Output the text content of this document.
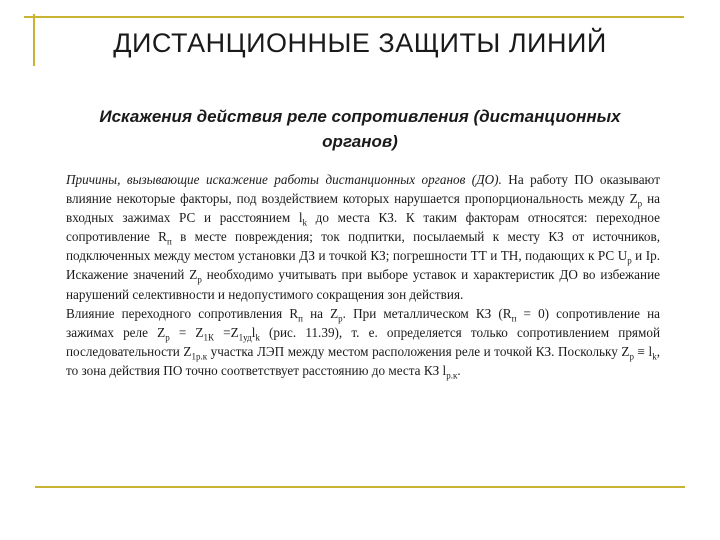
ДИСТАНЦИОННЫЕ ЗАЩИТЫ ЛИНИЙ
Искажения действия реле сопротивления (дистанционных органов)

Причины, вызывающие искажение работы дистанционных органов (ДО). На работу ПО оказывают влияние некоторые факторы, под воздействием которых нарушается пропорциональность между $Z_р$ на входных зажимах РС и расстоянием $l_k$ до места КЗ. К таким факторам относятся: переходное сопротивление $R_п$ в месте повреждения; ток подпитки, посылаемый к месту КЗ от источников, подключенных между местом установки ДЗ и точкой КЗ; погрешности ТТ и ТН, подающих к РС $U_р$ и Iр. Искажение значений $Z_р$ необходимо учитывать при выборе уставок и характеристик ДО во избежание нарушений селективности и недопустимого сокращения зон действия.

Влияние переходного сопротивления $R_п$ на $Z_р$. При металлическом КЗ $(R_п = 0)$ сопротивление на зажимах реле $Z_р = Z_{1К} =Z_{1уд}l_k$ (рис. 11.39), т. е. определяется только сопротивлением прямой последовательности $Z_{1р.к}$ участка ЛЭП между местом расположения реле и точкой КЗ. Поскольку $Z_р \equiv l_k$, то зона действия ПО точно соответствует расстоянию до места КЗ $l_{р.к}$.
